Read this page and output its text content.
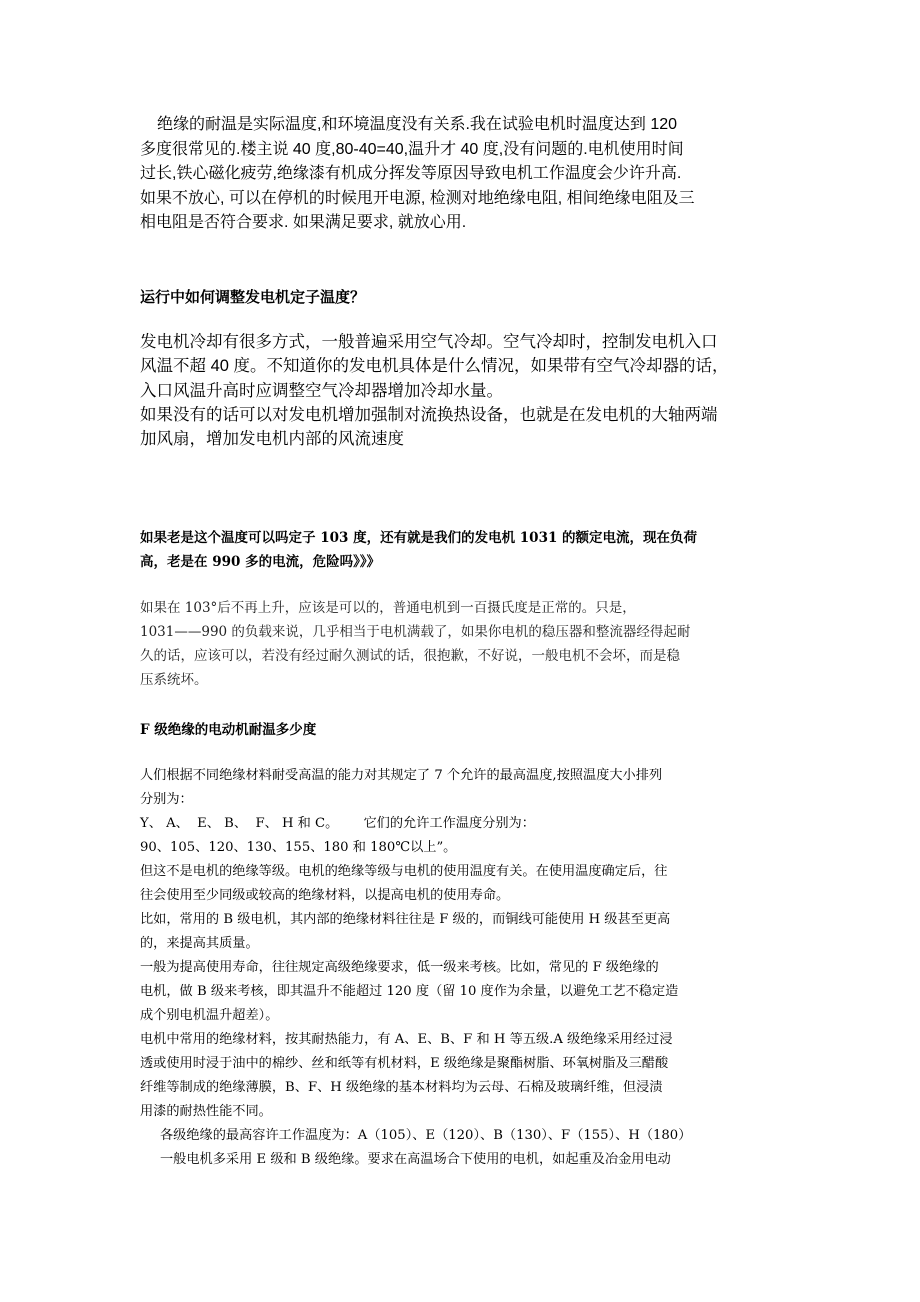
绝缘的耐温是实际温度,和环境温度没有关系.我在试验电机时温度达到 120
多度很常见的.楼主说 40 度,80-40=40,温升才 40 度,没有问题的.电机使用时间
过长,铁心磁化疲劳,绝缘漆有机成分挥发等原因导致电机工作温度会少许升高.
如果不放心, 可以在停机的时候甩开电源, 检测对地绝缘电阻, 相间绝缘电阻及三
相电阻是否符合要求. 如果满足要求, 就放心用.
运行中如何调整发电机定子温度？
发电机冷却有很多方式，一般普遍采用空气冷却。空气冷却时，控制发电机入口
风温不超 40 度。不知道你的发电机具体是什么情况，如果带有空气冷却器的话，
入口风温升高时应调整空气冷却器增加冷却水量。
如果没有的话可以对发电机增加强制对流换热设备，也就是在发电机的大轴两端
加风扇，增加发电机内部的风流速度
如果老是这个温度可以吗定子 103 度，还有就是我们的发电机 1031 的额定电流，现在负荷
高，老是在 990 多的电流，危险吗》》》
如果在 103°后不再上升，应该是可以的，普通电机到一百摄氏度是正常的。只是，
1031——990 的负载来说，几乎相当于电机满载了，如果你电机的稳压器和整流器经得起耐
久的话，应该可以，若没有经过耐久测试的话，很抱歉，不好说，一般电机不会坏，而是稳
压系统坏。
F 级绝缘的电动机耐温多少度
人们根据不同绝缘材料耐受高温的能力对其规定了 7 个允许的最高温度,按照温度大小排列
分别为：
Y、 A、  E、 B、  F、 H 和 C。      它们的允许工作温度分别为：
90、105、120、130、155、180 和 180℃以上”。
但这不是电机的绝缘等级。电机的绝缘等级与电机的使用温度有关。在使用温度确定后，往
往会使用至少同级或较高的绝缘材料，以提高电机的使用寿命。
比如，常用的 B 级电机，其内部的绝缘材料往往是 F 级的，而铜线可能使用 H 级甚至更高
的，来提高其质量。
一般为提高使用寿命，往往规定高级绝缘要求，低一级来考核。比如，常见的 F 级绝缘的
电机，做 B 级来考核，即其温升不能超过 120 度（留 10 度作为余量，以避免工艺不稳定造
成个别电机温升超差）。
电机中常用的绝缘材料，按其耐热能力，有 A、E、B、F 和 H 等五级.A 级绝缘采用经过浸
透或使用时浸于油中的棉纱、丝和纸等有机材料，E 级绝缘是聚酯树脂、环氧树脂及三醋酸
纤维等制成的绝缘薄膜，B、F、H 级绝缘的基本材料均为云母、石棉及玻璃纤维，但浸渍
用漆的耐热性能不同。
各级绝缘的最高容许工作温度为：A（105）、E（120）、B（130）、F（155）、H（180）
一般电机多采用 E 级和 B 级绝缘。要求在高温场合下使用的电机，如起重及冶金用电动
